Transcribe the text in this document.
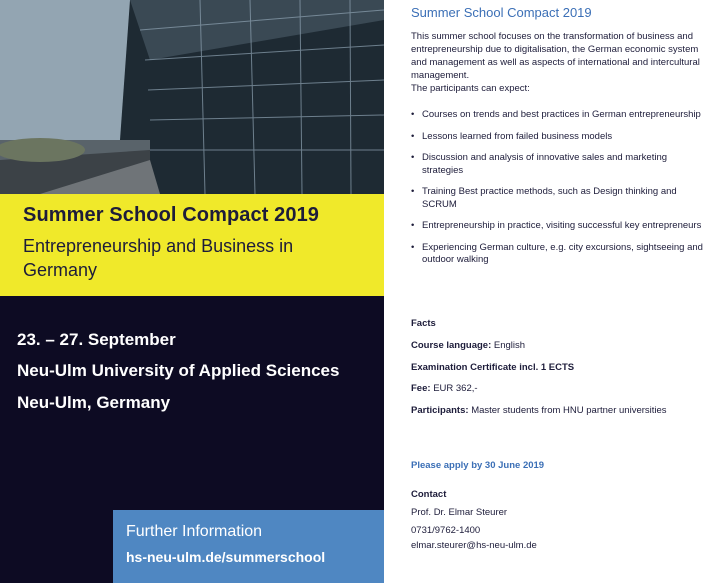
Summer School Compact 2019
Entrepreneurship and Business in Germany

23. – 27. September

Neu-Ulm University of Applied Sciences

Neu-Ulm, Germany

Further Information

hs-neu-ulm.de/summerschool

Summer School Compact 2019

This summer school focuses on the transformation of business and entrepreneurship due to digitalisation, the German economic system and management as well as aspects of international and intercultural management.

The participants can expect:

• Courses on trends and best practices in German entrepreneurship
• Lessons learned from failed business models
• Discussion and analysis of innovative sales and marketing strategies
• Training Best practice methods, such as Design thinking and SCRUM
• Entrepreneurship in practice, visiting successful key entrepreneurs
• Experiencing German culture, e.g. city excursions, sightseeing and outdoor walking

Facts

Course language: English

Examination Certificate incl. 1 ECTS

Fee: EUR 362,-

Participants: Master students from HNU partner universities

Please apply by 30 June 2019

Contact

Prof. Dr. Elmar Steurer

0731/9762-1400

elmar.steurer@hs-neu-ulm.de
